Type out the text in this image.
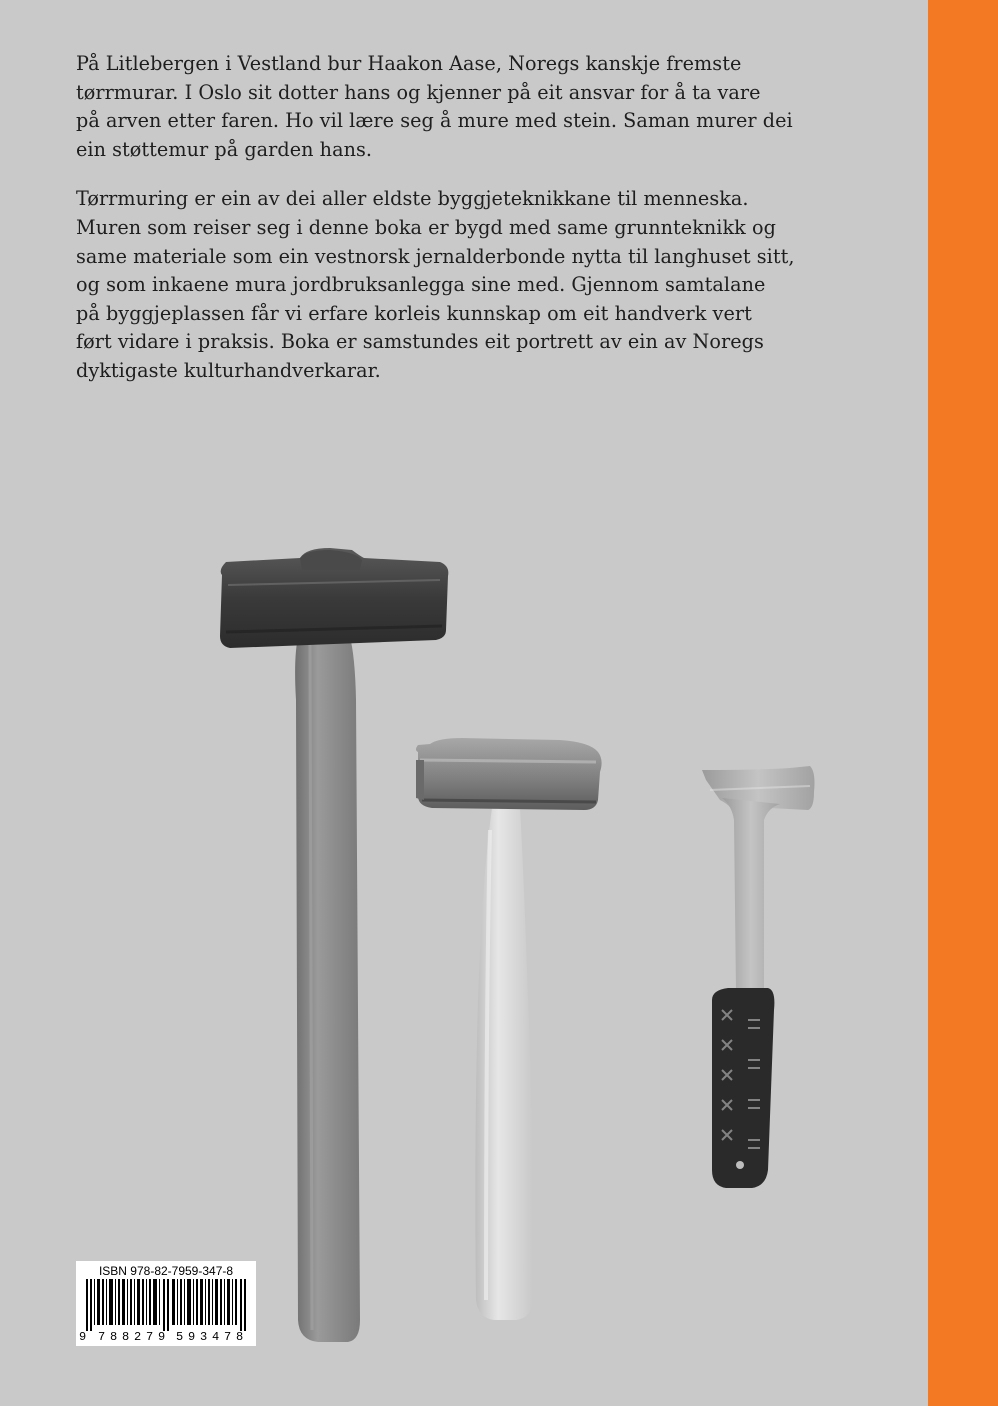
På Litlebergen i Vestland bur Haakon Aase, Noregs kanskje fremste
tørrmurar. I Oslo sit dotter hans og kjenner på eit ansvar for å ta vare
på arven etter faren. Ho vil lære seg å mure med stein. Saman murer dei
ein støttemur på garden hans.

Tørrmuring er ein av dei aller eldste byggjeteknikkane til menneska.
Muren som reiser seg i denne boka er bygd med same grunnteknikk og
same materiale som ein vestnorsk jernalderbonde nytta til langhuset sitt,
og som inkaene mura jordbruksanlegga sine med. Gjennom samtalane
på byggjeplassen får vi erfare korleis kunnskap om eit handverk vert
ført vidare i praksis. Boka er samstundes eit portrett av ein av Noregs
dyktigaste kulturhandverkarar.

ISBN 978-82-7959-347-8
9 788279 593478
